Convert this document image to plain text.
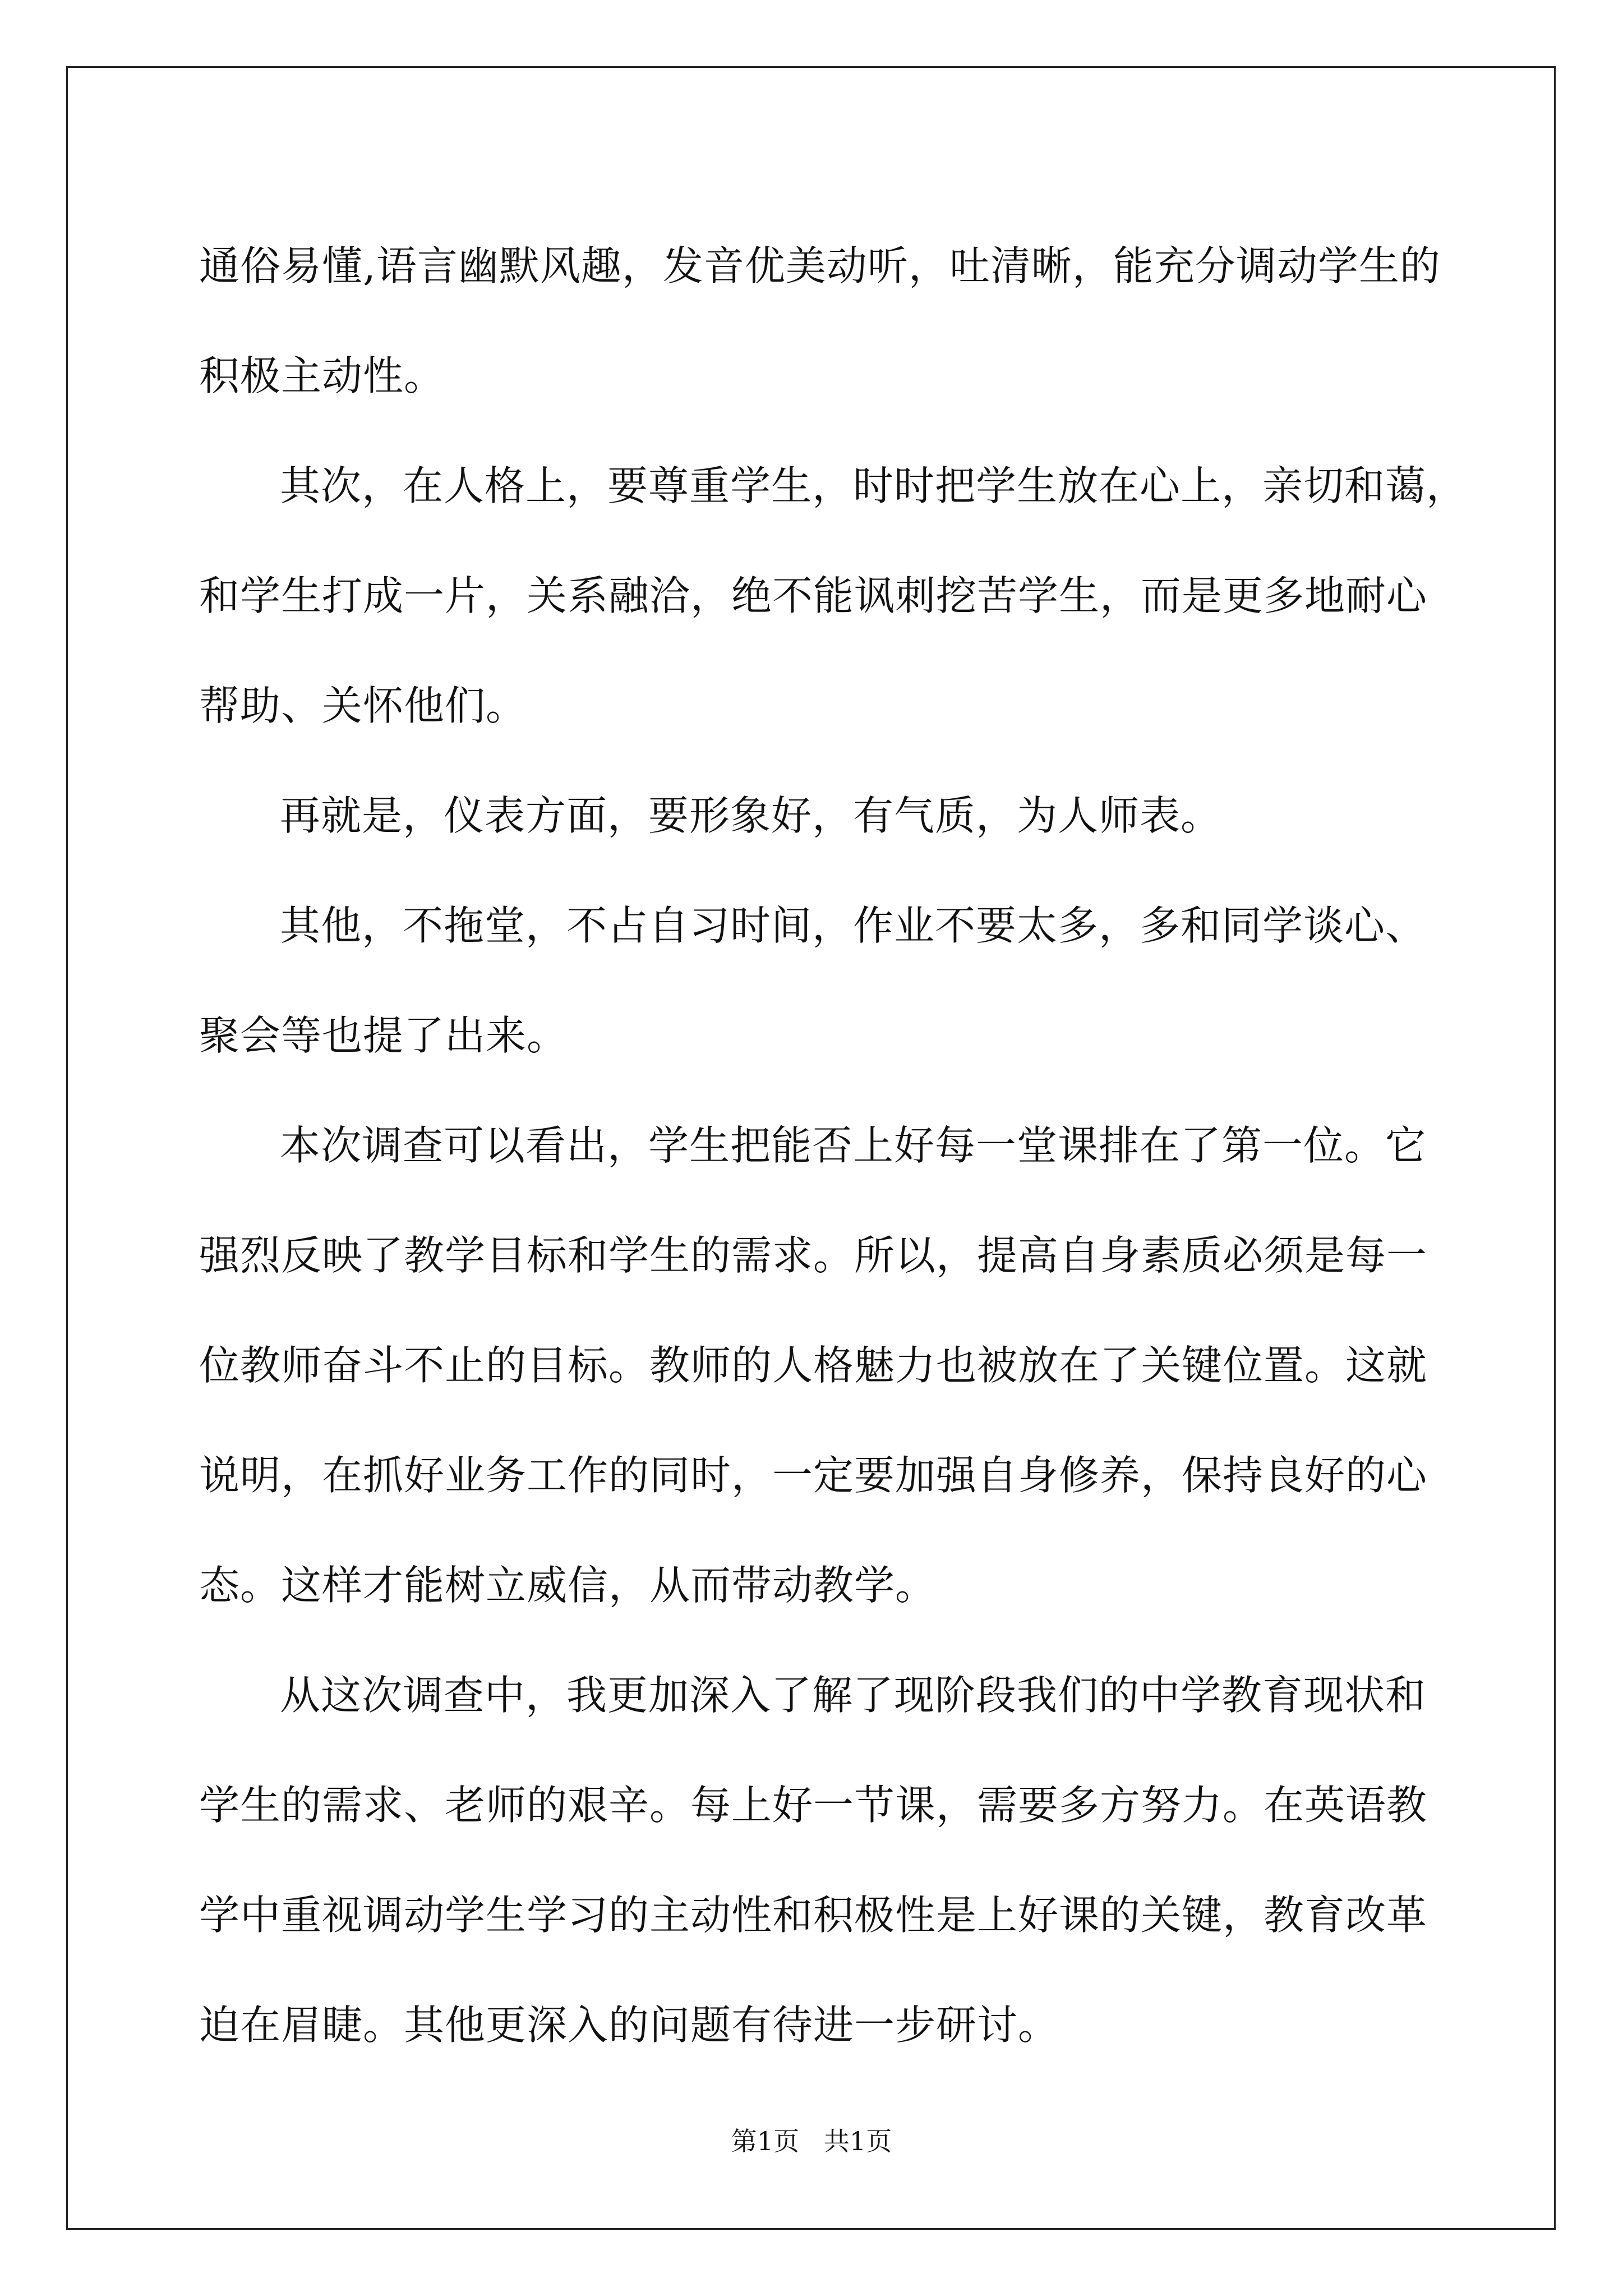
通俗易懂,语言幽默风趣，发音优美动听，吐清晰，能充分调动学生的
积极主动性。
其次，在人格上，要尊重学生，时时把学生放在心上，亲切和蔼，
和学生打成一片，关系融洽，绝不能讽刺挖苦学生，而是更多地耐心
帮助、关怀他们。
再就是，仪表方面，要形象好，有气质，为人师表。
其他，不拖堂，不占自习时间，作业不要太多，多和同学谈心、
聚会等也提了出来。
本次调查可以看出，学生把能否上好每一堂课排在了第一位。它
强烈反映了教学目标和学生的需求。所以，提高自身素质必须是每一
位教师奋斗不止的目标。教师的人格魅力也被放在了关键位置。这就
说明，在抓好业务工作的同时，一定要加强自身修养，保持良好的心
态。这样才能树立威信，从而带动教学。
从这次调查中，我更加深入了解了现阶段我们的中学教育现状和
学生的需求、老师的艰辛。每上好一节课，需要多方努力。在英语教
学中重视调动学生学习的主动性和积极性是上好课的关键，教育改革
迫在眉睫。其他更深入的问题有待进一步研讨。
第1页   共1页
